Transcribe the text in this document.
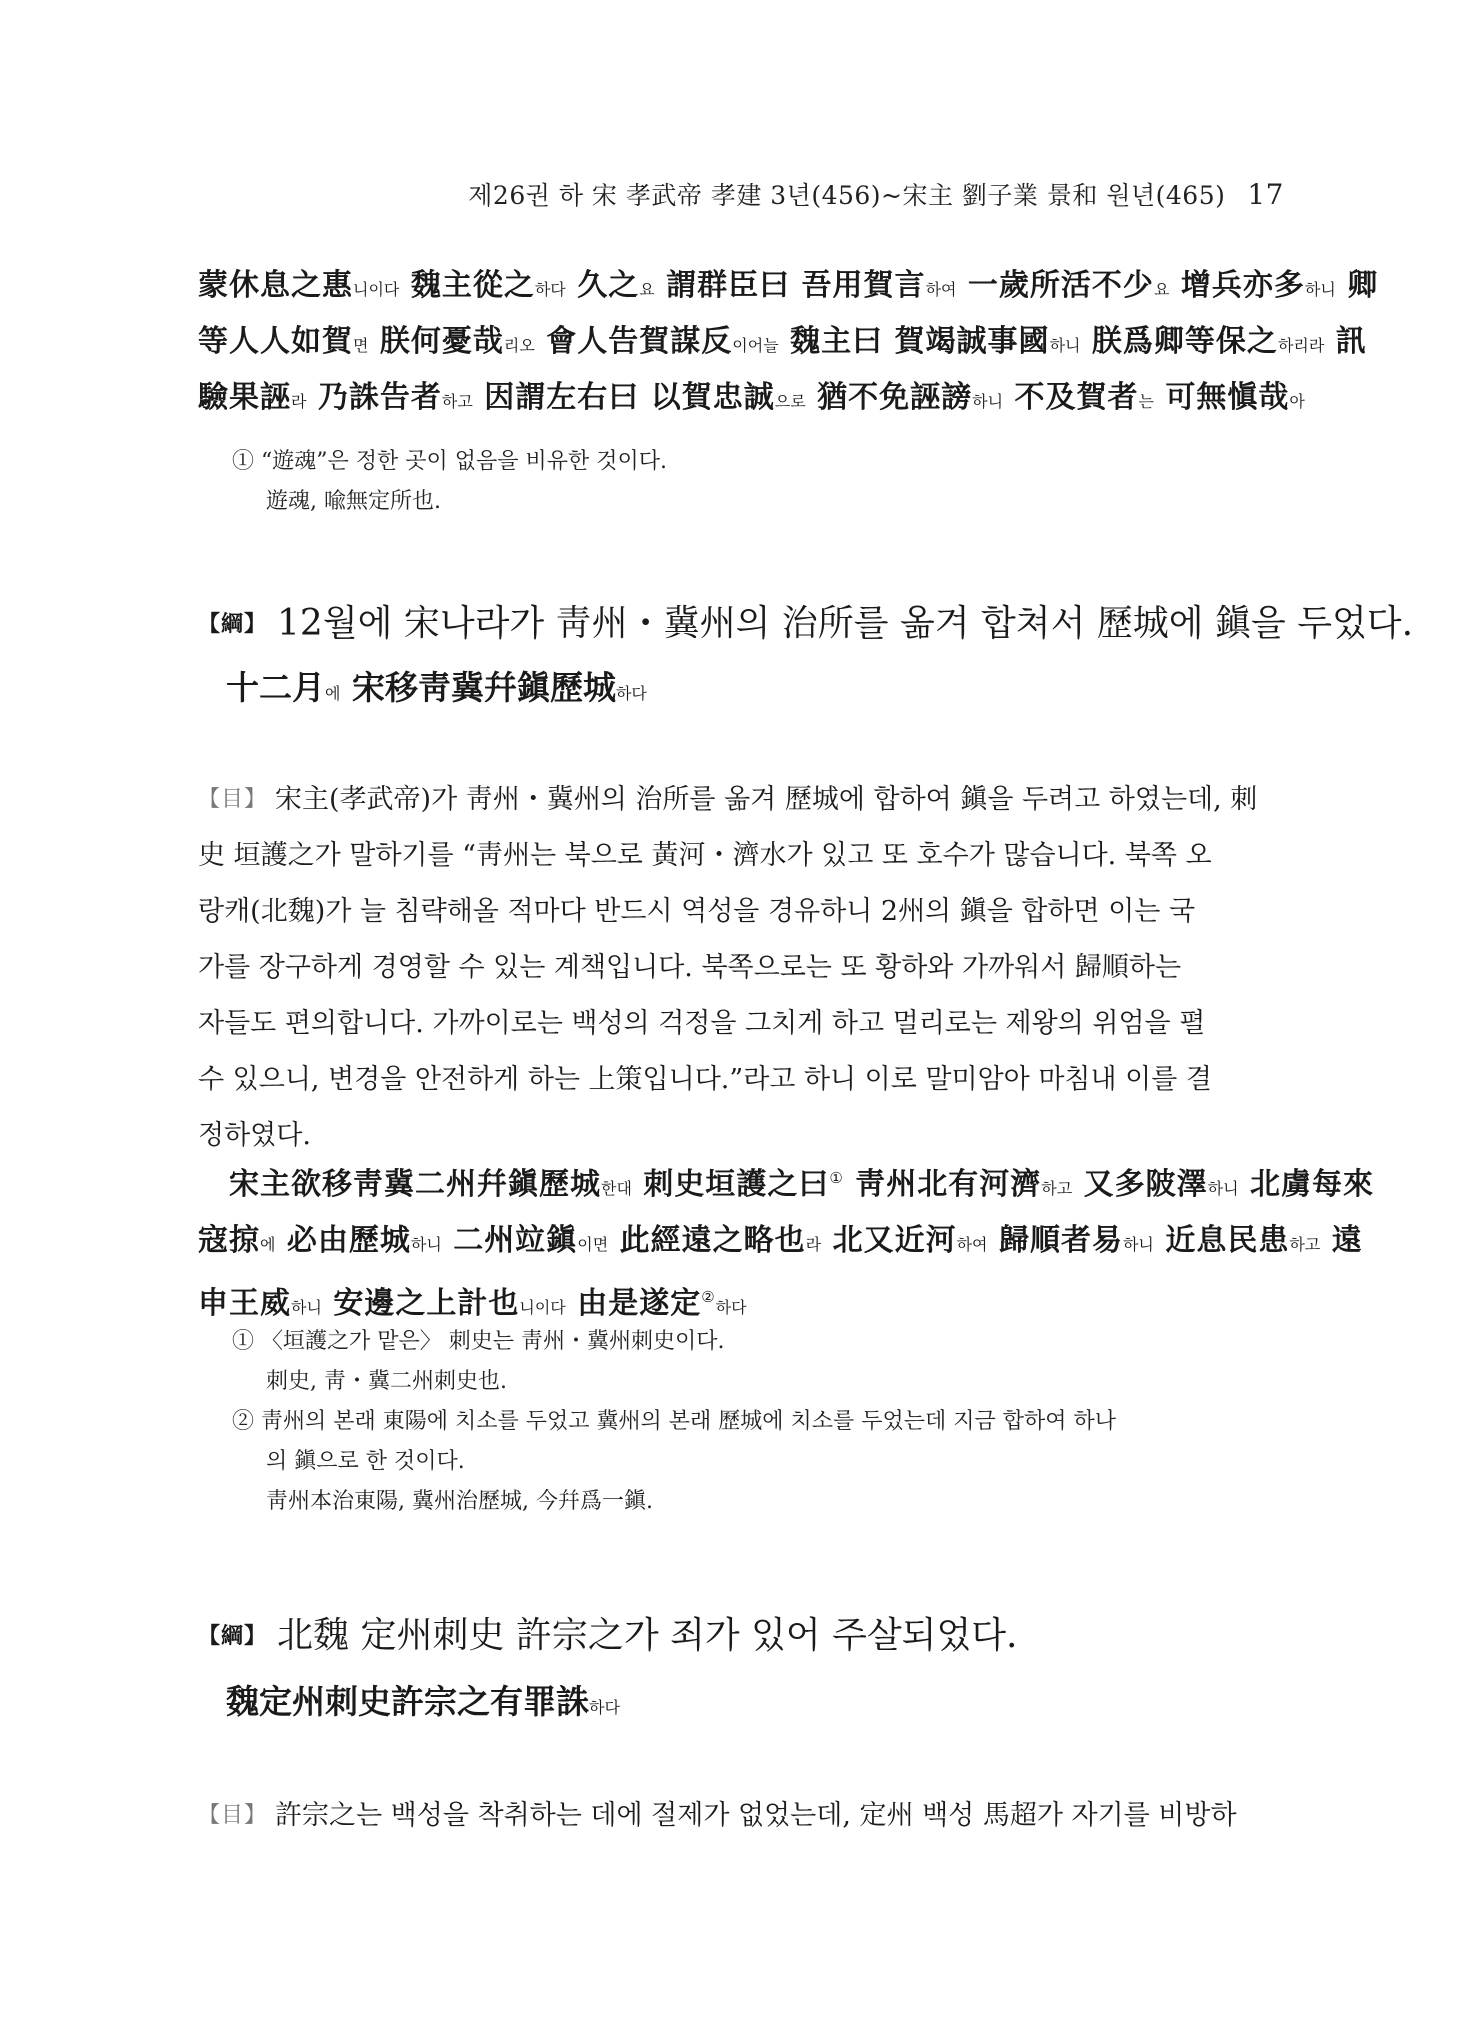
제26권 하 宋 孝武帝 孝建 3년(456)~宋主 劉子業 景和 원년(465) 17
蒙休息之惠니이다 魏主從之하다 久之요 謂群臣曰 吾用賀言하여 一歲所活不少요 增兵亦多하니 卿
等人人如賀면 朕何憂哉리오 會人告賀謀反이어늘 魏主曰 賀竭誠事國하니 朕爲卿等保之하리라 訊
驗果誣라 乃誅告者하고 因謂左右曰 以賀忠誠으로 猶不免誣謗하니 不及賀者는 可無愼哉아
① “遊魂”은 정한 곳이 없음을 비유한 것이다.
遊魂, 喩無定所也.
【綱】 12월에 宋나라가 靑州・冀州의 治所를 옮겨 합쳐서 歷城에 鎭을 두었다.
十二月에 宋移靑冀幷鎭歷城하다
【目】 宋主(孝武帝)가 靑州・冀州의 治所를 옮겨 歷城에 합하여 鎭을 두려고 하였는데, 刺
史 垣護之가 말하기를 “靑州는 북으로 黃河・濟水가 있고 또 호수가 많습니다. 북쪽 오
랑캐(北魏)가 늘 침략해올 적마다 반드시 역성을 경유하니 2州의 鎭을 합하면 이는 국
가를 장구하게 경영할 수 있는 계책입니다. 북쪽으로는 또 황하와 가까워서 歸順하는
자들도 편의합니다. 가까이로는 백성의 걱정을 그치게 하고 멀리로는 제왕의 위엄을 펼
수 있으니, 변경을 안전하게 하는 上策입니다.”라고 하니 이로 말미암아 마침내 이를 결
정하였다.
　宋主欲移靑冀二州幷鎭歷城한대 刺史垣護之曰① 靑州北有河濟하고 又多陂澤하니 北虜每來
寇掠에 必由歷城하니 二州竝鎭이면 此經遠之略也라 北又近河하여 歸順者易하니 近息民患하고 遠
申王威하니 安邊之上計也니이다 由是遂定②하다
① 〈垣護之가 맡은〉 刺史는 靑州・冀州刺史이다.
刺史, 靑・冀二州刺史也.
② 靑州의 본래 東陽에 치소를 두었고 冀州의 본래 歷城에 치소를 두었는데 지금 합하여 하나
의 鎭으로 한 것이다.
靑州本治東陽, 冀州治歷城, 今幷爲一鎭.
【綱】 北魏 定州刺史 許宗之가 죄가 있어 주살되었다.
魏定州刺史許宗之有罪誅하다
【目】 許宗之는 백성을 착취하는 데에 절제가 없었는데, 定州 백성 馬超가 자기를 비방하
